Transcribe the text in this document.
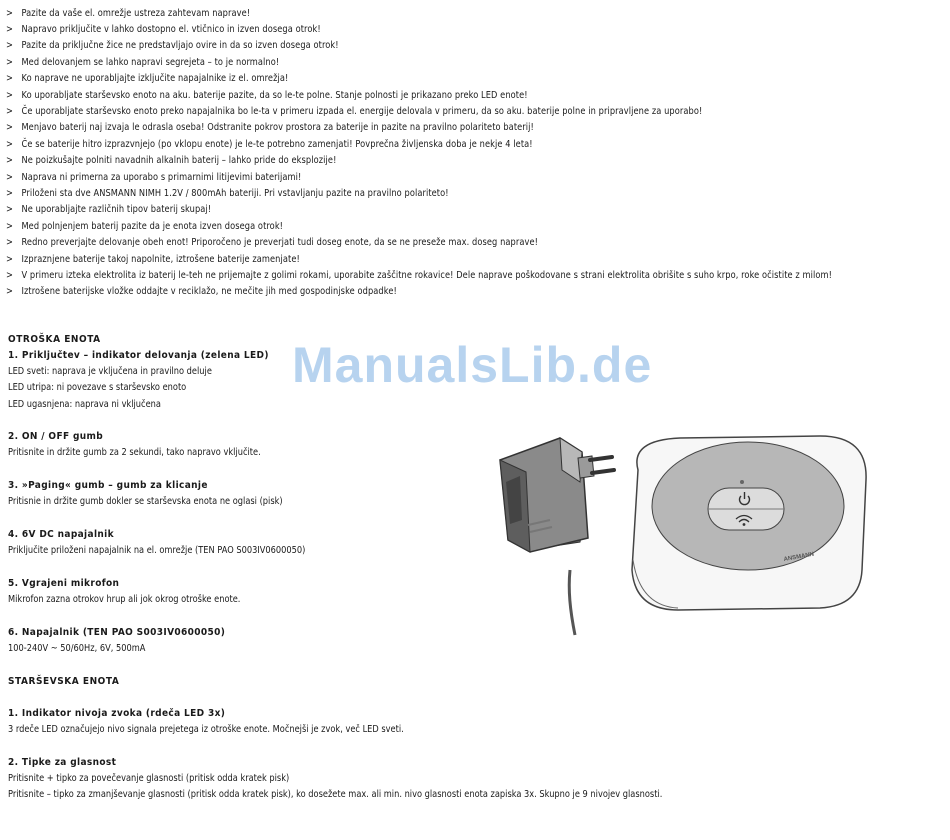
> Pazite da vaše el. omrežje ustreza zahtevam naprave!
> Napravo priključite v lahko dostopno el. vtičnico in izven dosega otrok!
> Pazite da priključne žice ne predstavljajo ovire in da so izven dosega otrok!
> Med delovanjem se lahko napravi segrejeta – to je normalno!
> Ko naprave ne uporabljajte izključite napajalnike iz el. omrežja!
> Ko uporabljate starševsko enoto na aku. baterije pazite, da so le-te polne. Stanje polnosti je prikazano preko LED enote!
> Če uporabljate starševsko enoto preko napajalnika bo le-ta v primeru izpada el. energije delovala v primeru, da so aku. baterije polne in pripravljene za uporabo!
> Menjavo baterij naj izvaja le odrasla oseba! Odstranite pokrov prostora za baterije in pazite na pravilno polariteto baterij!
> Če se baterije hitro izprazvnjejo (po vklopu enote) je le-te potrebno zamenjati! Povprečna življenska doba je nekje 4 leta!
> Ne poizkušajte polniti navadnih alkalnih baterij – lahko pride do eksplozije!
> Naprava ni primerna za uporabo s primarnimi litijevimi baterijami!
> Priloženi sta dve ANSMANN NIMH 1.2V / 800mAh bateriji. Pri vstavljanju pazite na pravilno polariteto!
> Ne uporabljajte različnih tipov baterij skupaj!
> Med polnjenjem baterij pazite da je enota izven dosega otrok!
> Redno preverjajte delovanje obeh enot! Priporočeno je preverjati tudi doseg enote, da se ne preseže max. doseg naprave!
> Izpraznjene baterije takoj napolnite, iztrošene baterije zamenjate!
> V primeru izteka elektrolita iz baterij le-teh ne prijemajte z golimi rokami, uporabite zaščitne rokavice! Dele naprave poškodovane s strani elektrolita obrišite s suho krpo, roke očistite z milom!
> Iztrošene baterijske vložke oddajte v reciklažo, ne mečite jih med gospodinjske odpadke!
ManualsLib.de
OTROŠKA ENOTA
1. Priključtev – indikator delovanja (zelena LED)
LED sveti: naprava je vključena in pravilno deluje
LED utripa: ni povezave s starševsko enoto
LED ugasnjena: naprava ni vključena
2. ON / OFF gumb
Pritisnite in držite gumb za 2 sekundi, tako napravo vključite.
3. »Paging« gumb – gumb za klicanje
Pritisnie in držite gumb dokler se starševska enota ne oglasi (pisk)
4. 6V DC napajalnik
Priključite priloženi napajalnik na el. omrežje (TEN PAO S003IV0600050)
5. Vgrajeni mikrofon
Mikrofon zazna otrokov hrup ali jok okrog otroške enote.
6. Napajalnik (TEN PAO S003IV0600050)
100-240V ~ 50/60Hz, 6V, 500mA
STARŠEVSKA ENOTA
1. Indikator nivoja zvoka (rdeča LED 3x)
3 rdeče LED označujejo nivo signala prejetega iz otroške enote. Močnejši je zvok, več LED sveti.
2. Tipke za glasnost
Pritisnite + tipko za povečevanje glasnosti (pritisk odda kratek pisk)
Pritisnite – tipko za zmanjševanje glasnosti (pritisk odda kratek pisk), ko dosežete max. ali min. nivo glasnosti enota zapiska 3x. Skupno je 9 nivojev glasnosti.
ANSMANN
